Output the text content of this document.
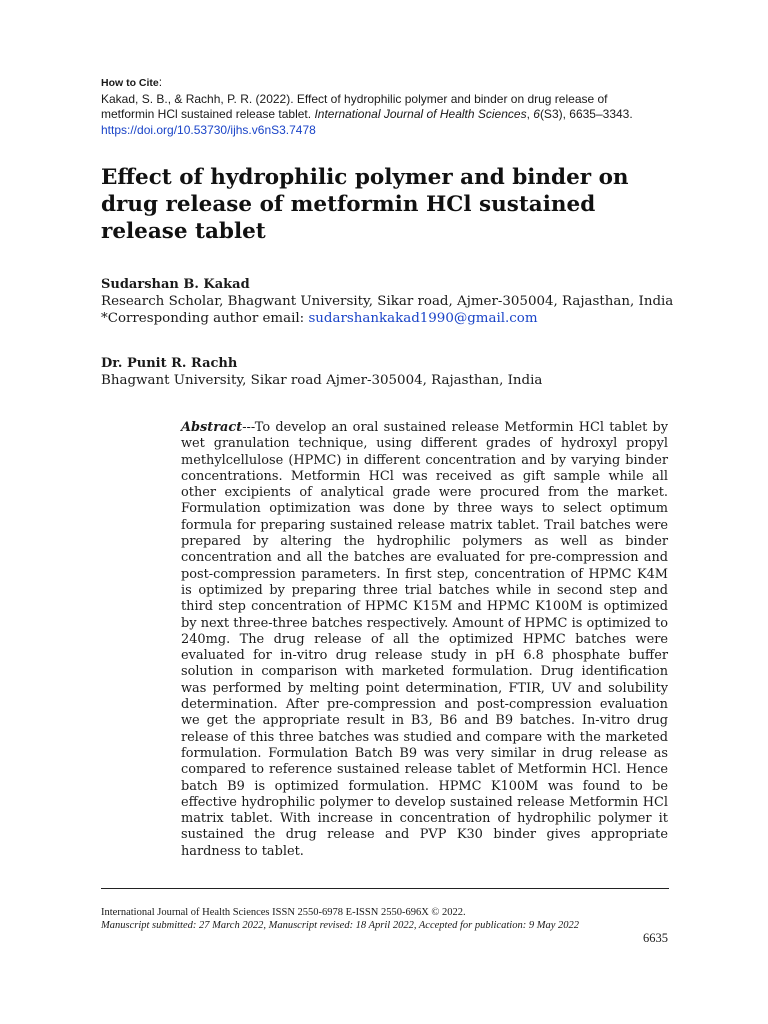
How to Cite:
Kakad, S. B., & Rachh, P. R. (2022). Effect of hydrophilic polymer and binder on drug release of metformin HCl sustained release tablet. International Journal of Health Sciences, 6(S3), 6635–3343. https://doi.org/10.53730/ijhs.v6nS3.7478
Effect of hydrophilic polymer and binder on drug release of metformin HCl sustained release tablet
Sudarshan B. Kakad
Research Scholar, Bhagwant University, Sikar road, Ajmer-305004, Rajasthan, India
*Corresponding author email: sudarshankakad1990@gmail.com
Dr. Punit R. Rachh
Bhagwant University, Sikar road Ajmer-305004, Rajasthan, India

Abstract---To develop an oral sustained release Metformin HCl tablet by wet granulation technique, using different grades of hydroxyl propyl methylcellulose (HPMC) in different concentration and by varying binder concentrations. Metformin HCl was received as gift sample while all other excipients of analytical grade were procured from the market. Formulation optimization was done by three ways to select optimum formula for preparing sustained release matrix tablet. Trail batches were prepared by altering the hydrophilic polymers as well as binder concentration and all the batches are evaluated for pre-compression and post-compression parameters. In first step, concentration of HPMC K4M is optimized by preparing three trial batches while in second step and third step concentration of HPMC K15M and HPMC K100M is optimized by next three-three batches respectively. Amount of HPMC is optimized to 240mg. The drug release of all the optimized HPMC batches were evaluated for in-vitro drug release study in pH 6.8 phosphate buffer solution in comparison with marketed formulation. Drug identification was performed by melting point determination, FTIR, UV and solubility determination. After pre-compression and post-compression evaluation we get the appropriate result in B3, B6 and B9 batches. In-vitro drug release of this three batches was studied and compare with the marketed formulation. Formulation Batch B9 was very similar in drug release as compared to reference sustained release tablet of Metformin HCl. Hence batch B9 is optimized formulation. HPMC K100M was found to be effective hydrophilic polymer to develop sustained release Metformin HCl matrix tablet. With increase in concentration of hydrophilic polymer it sustained the drug release and PVP K30 binder gives appropriate hardness to tablet.

International Journal of Health Sciences ISSN 2550-6978 E-ISSN 2550-696X © 2022.
Manuscript submitted: 27 March 2022, Manuscript revised: 18 April 2022, Accepted for publication: 9 May 2022
6635
